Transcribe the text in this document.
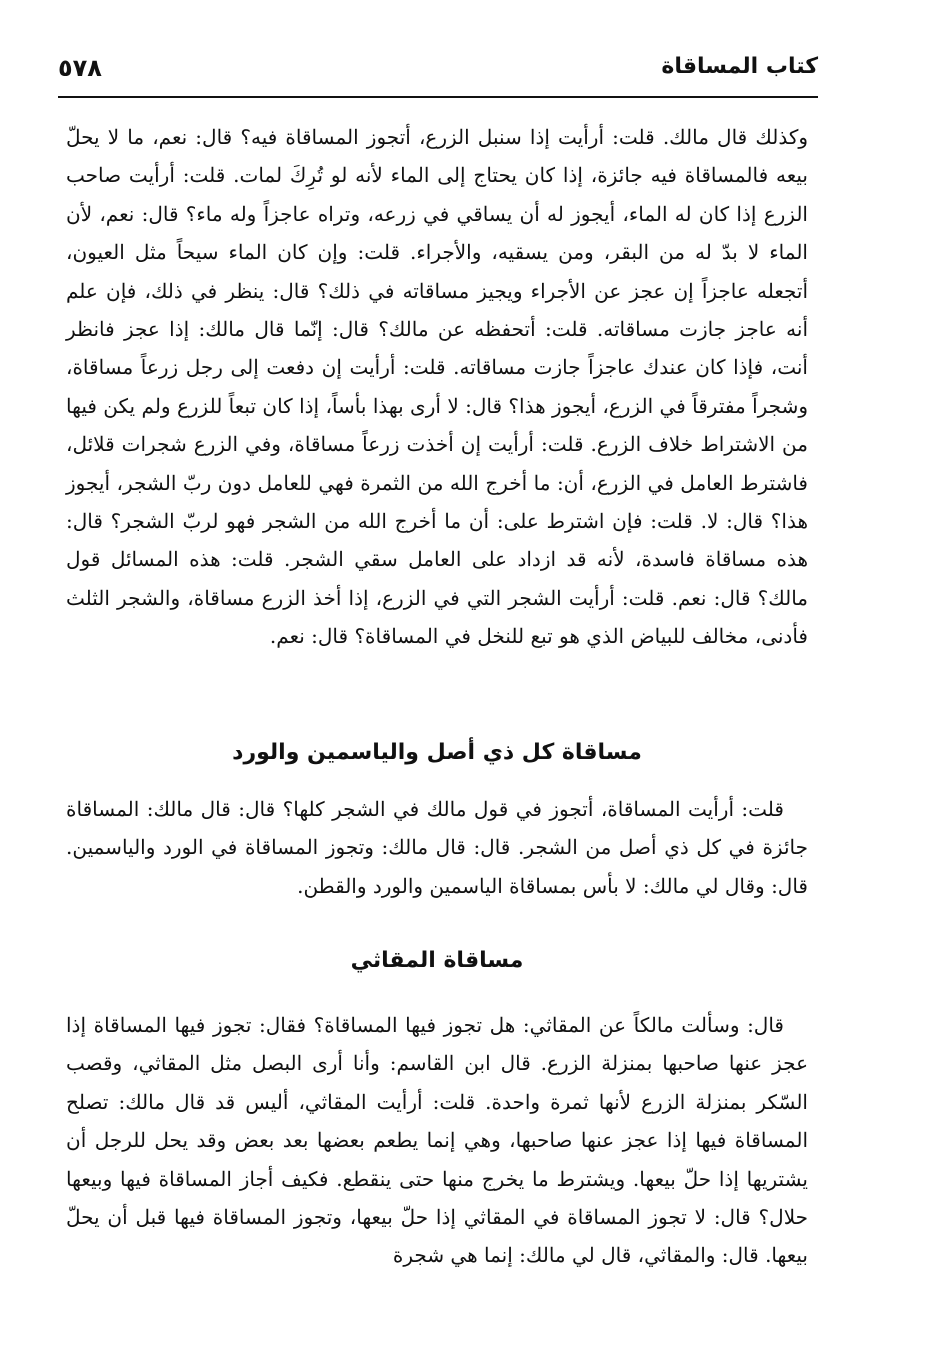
كتاب المساقاة
٥٧٨

وكذلك قال مالك. قلت: أرأيت إذا سنبل الزرع، أتجوز المساقاة فيه؟ قال: نعم، ما لا يحلّ بيعه فالمساقاة فيه جائزة، إذا كان يحتاج إلى الماء لأنه لو تُرِكَ لمات. قلت: أرأيت صاحب الزرع إذا كان له الماء، أيجوز له أن يساقي في زرعه، وتراه عاجزاً وله ماء؟ قال: نعم، لأن الماء لا بدّ له من البقر، ومن يسقيه، والأجراء. قلت: وإن كان الماء سيحاً مثل العيون، أتجعله عاجزاً إن عجز عن الأجراء ويجيز مساقاته في ذلك؟ قال: ينظر في ذلك، فإن علم أنه عاجز جازت مساقاته. قلت: أتحفظه عن مالك؟ قال: إنّما قال مالك: إذا عجز فانظر أنت، فإذا كان عندك عاجزاً جازت مساقاته. قلت: أرأيت إن دفعت إلى رجل زرعاً مساقاة، وشجراً مفترقاً في الزرع، أيجوز هذا؟ قال: لا أرى بهذا بأساً، إذا كان تبعاً للزرع ولم يكن فيها من الاشتراط خلاف الزرع. قلت: أرأيت إن أخذت زرعاً مساقاة، وفي الزرع شجرات قلائل، فاشترط العامل في الزرع، أن: ما أخرج الله من الثمرة فهي للعامل دون ربّ الشجر، أيجوز هذا؟ قال: لا. قلت: فإن اشترط على: أن ما أخرج الله من الشجر فهو لربّ الشجر؟ قال: هذه مساقاة فاسدة، لأنه قد ازداد على العامل سقي الشجر. قلت: هذه المسائل قول مالك؟ قال: نعم. قلت: أرأيت الشجر التي في الزرع، إذا أخذ الزرع مساقاة، والشجر الثلث فأدنى، مخالف للبياض الذي هو تبع للنخل في المساقاة؟ قال: نعم.

مساقاة كل ذي أصل والياسمين والورد

قلت: أرأيت المساقاة، أتجوز في قول مالك في الشجر كلها؟ قال: قال مالك: المساقاة جائزة في كل ذي أصل من الشجر. قال: قال مالك: وتجوز المساقاة في الورد والياسمين. قال: وقال لي مالك: لا بأس بمساقاة الياسمين والورد والقطن.

مساقاة المقاثي

قال: وسألت مالكاً عن المقاثي: هل تجوز فيها المساقاة؟ فقال: تجوز فيها المساقاة إذا عجز عنها صاحبها بمنزلة الزرع. قال ابن القاسم: وأنا أرى البصل مثل المقاثي، وقصب السّكر بمنزلة الزرع لأنها ثمرة واحدة. قلت: أرأيت المقاثي، أليس قد قال مالك: تصلح المساقاة فيها إذا عجز عنها صاحبها، وهي إنما يطعم بعضها بعد بعض وقد يحل للرجل أن يشتريها إذا حلّ بيعها. ويشترط ما يخرج منها حتى ينقطع. فكيف أجاز المساقاة فيها وبيعها حلال؟ قال: لا تجوز المساقاة في المقاثي إذا حلّ بيعها، وتجوز المساقاة فيها قبل أن يحلّ بيعها. قال: والمقاثي، قال لي مالك: إنما هي شجرة
